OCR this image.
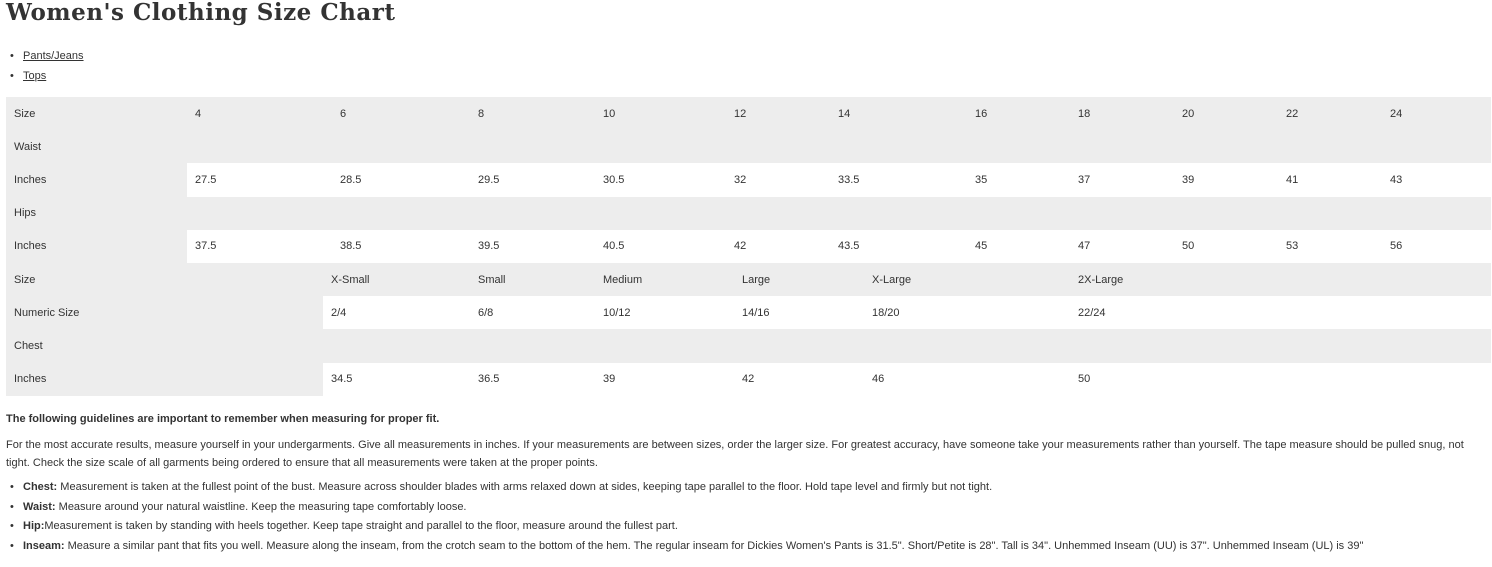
Women's Clothing Size Chart
• Pants/Jeans
• Tops
Size	4		6	8	10	12		14		16	18	20	22	24
Waist														
Inches	27.5		28.5	29.5	30.5	32		33.5		35	37	39	41	43
Hips														
Inches	37.5		38.5	39.5	40.5	42		43.5		45	47	50	53	56
Size		X-Small		Small	Medium		Large		X-Large		2X-Large			
Numeric Size		2/4		6/8	10/12		14/16		18/20		22/24			
Chest														
Inches		34.5		36.5	39		42		46		50			

The following guidelines are important to remember when measuring for proper fit.

For the most accurate results, measure yourself in your undergarments. Give all measurements in inches. If your measurements are between sizes, order the larger size. For greatest accuracy, have someone take your measurements rather than yourself. The tape measure should be pulled snug, not tight. Check the size scale of all garments being ordered to ensure that all measurements were taken at the proper points.

• Chest: Measurement is taken at the fullest point of the bust. Measure across shoulder blades with arms relaxed down at sides, keeping tape parallel to the floor. Hold tape level and firmly but not tight.
• Waist: Measure around your natural waistline. Keep the measuring tape comfortably loose.
• Hip:Measurement is taken by standing with heels together. Keep tape straight and parallel to the floor, measure around the fullest part.
• Inseam: Measure a similar pant that fits you well. Measure along the inseam, from the crotch seam to the bottom of the hem. The regular inseam for Dickies Women's Pants is 31.5". Short/Petite is 28". Tall is 34". Unhemmed Inseam (UU) is 37". Unhemmed Inseam (UL) is 39"
